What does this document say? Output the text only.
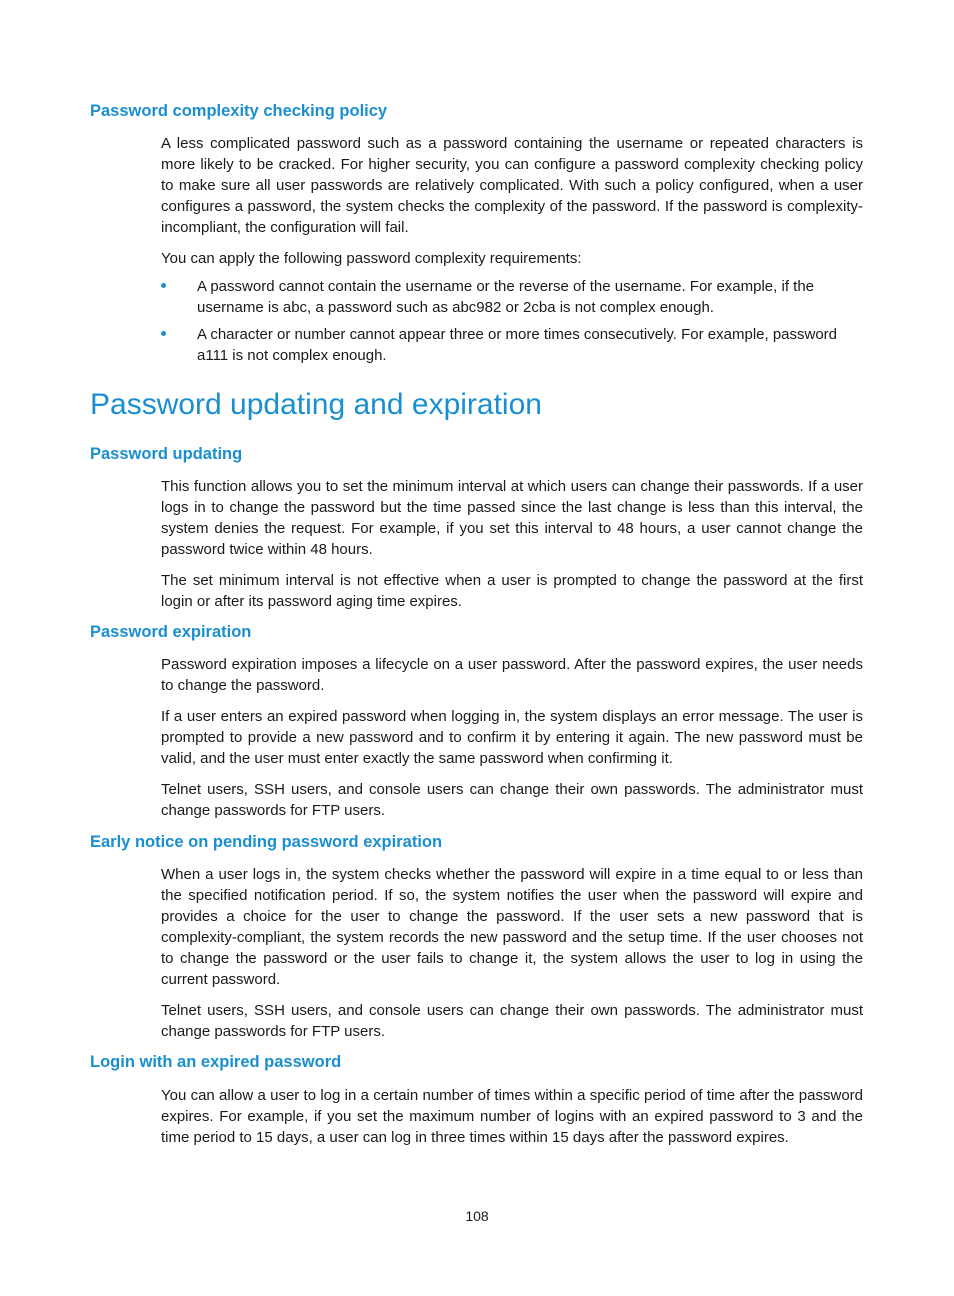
Password complexity checking policy

A less complicated password such as a password containing the username or repeated characters is more likely to be cracked. For higher security, you can configure a password complexity checking policy to make sure all user passwords are relatively complicated. With such a policy configured, when a user configures a password, the system checks the complexity of the password. If the password is complexity-incompliant, the configuration will fail.

You can apply the following password complexity requirements:

A password cannot contain the username or the reverse of the username. For example, if the username is abc, a password such as abc982 or 2cba is not complex enough.
A character or number cannot appear three or more times consecutively. For example, password a111 is not complex enough.
Password updating and expiration
Password updating

This function allows you to set the minimum interval at which users can change their passwords. If a user logs in to change the password but the time passed since the last change is less than this interval, the system denies the request. For example, if you set this interval to 48 hours, a user cannot change the password twice within 48 hours.

The set minimum interval is not effective when a user is prompted to change the password at the first login or after its password aging time expires.

Password expiration

Password expiration imposes a lifecycle on a user password. After the password expires, the user needs to change the password.

If a user enters an expired password when logging in, the system displays an error message. The user is prompted to provide a new password and to confirm it by entering it again. The new password must be valid, and the user must enter exactly the same password when confirming it.

Telnet users, SSH users, and console users can change their own passwords. The administrator must change passwords for FTP users.

Early notice on pending password expiration

When a user logs in, the system checks whether the password will expire in a time equal to or less than the specified notification period. If so, the system notifies the user when the password will expire and provides a choice for the user to change the password. If the user sets a new password that is complexity-compliant, the system records the new password and the setup time. If the user chooses not to change the password or the user fails to change it, the system allows the user to log in using the current password.

Telnet users, SSH users, and console users can change their own passwords. The administrator must change passwords for FTP users.

Login with an expired password

You can allow a user to log in a certain number of times within a specific period of time after the password expires. For example, if you set the maximum number of logins with an expired password to 3 and the time period to 15 days, a user can log in three times within 15 days after the password expires.

108
